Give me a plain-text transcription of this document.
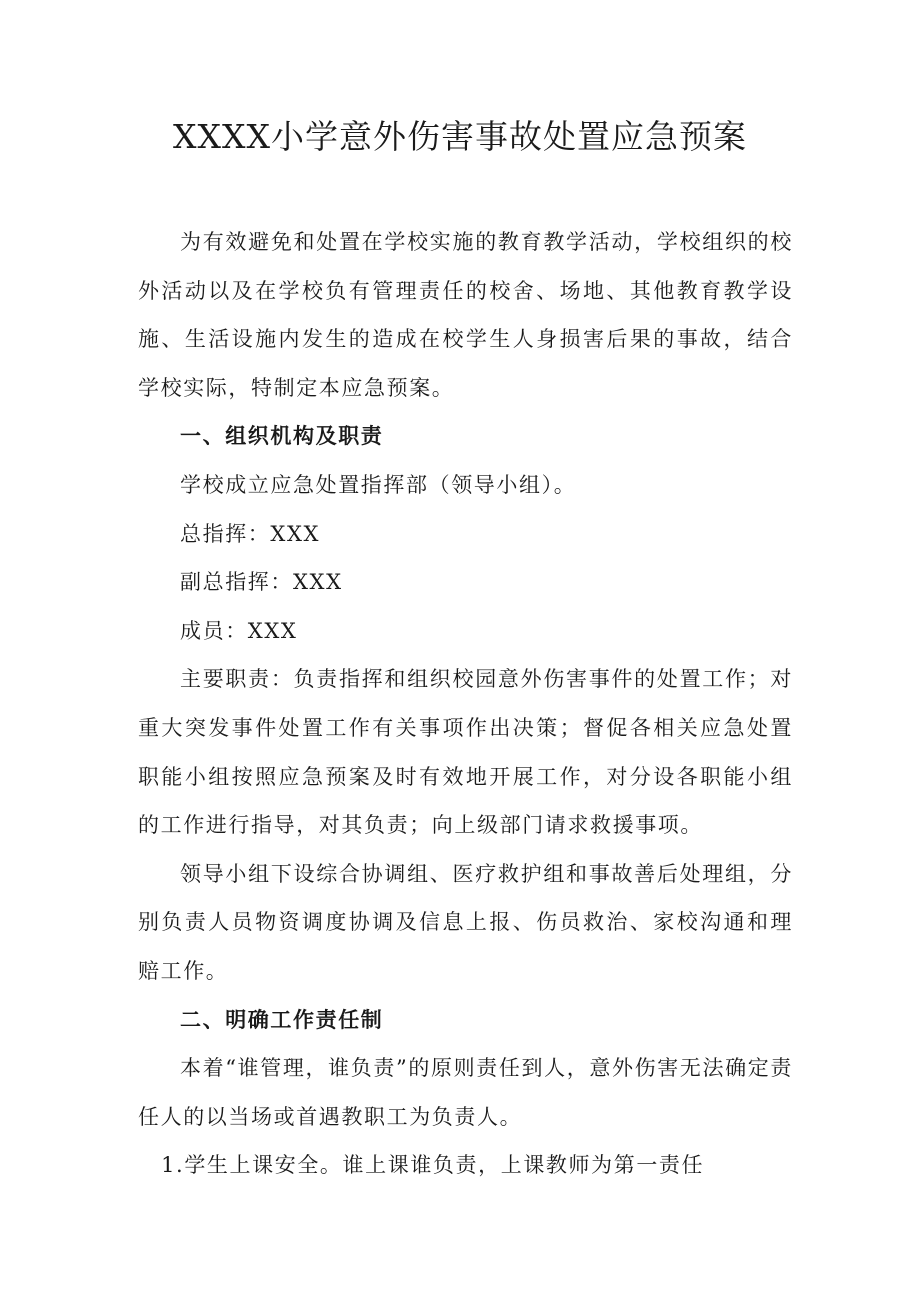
XXXX小学意外伤害事故处置应急预案

为有效避免和处置在学校实施的教育教学活动，学校组织的校外活动以及在学校负有管理责任的校舍、场地、其他教育教学设施、生活设施内发生的造成在校学生人身损害后果的事故，结合学校实际，特制定本应急预案。

一、组织机构及职责

学校成立应急处置指挥部（领导小组）。

总指挥：XXX

副总指挥：XXX

成员：XXX

主要职责：负责指挥和组织校园意外伤害事件的处置工作；对重大突发事件处置工作有关事项作出决策；督促各相关应急处置职能小组按照应急预案及时有效地开展工作，对分设各职能小组的工作进行指导，对其负责；向上级部门请求救援事项。

领导小组下设综合协调组、医疗救护组和事故善后处理组，分别负责人员物资调度协调及信息上报、伤员救治、家校沟通和理赔工作。

二、明确工作责任制

本着“谁管理，谁负责”的原则责任到人，意外伤害无法确定责任人的以当场或首遇教职工为负责人。

1.学生上课安全。谁上课谁负责，上课教师为第一责任
